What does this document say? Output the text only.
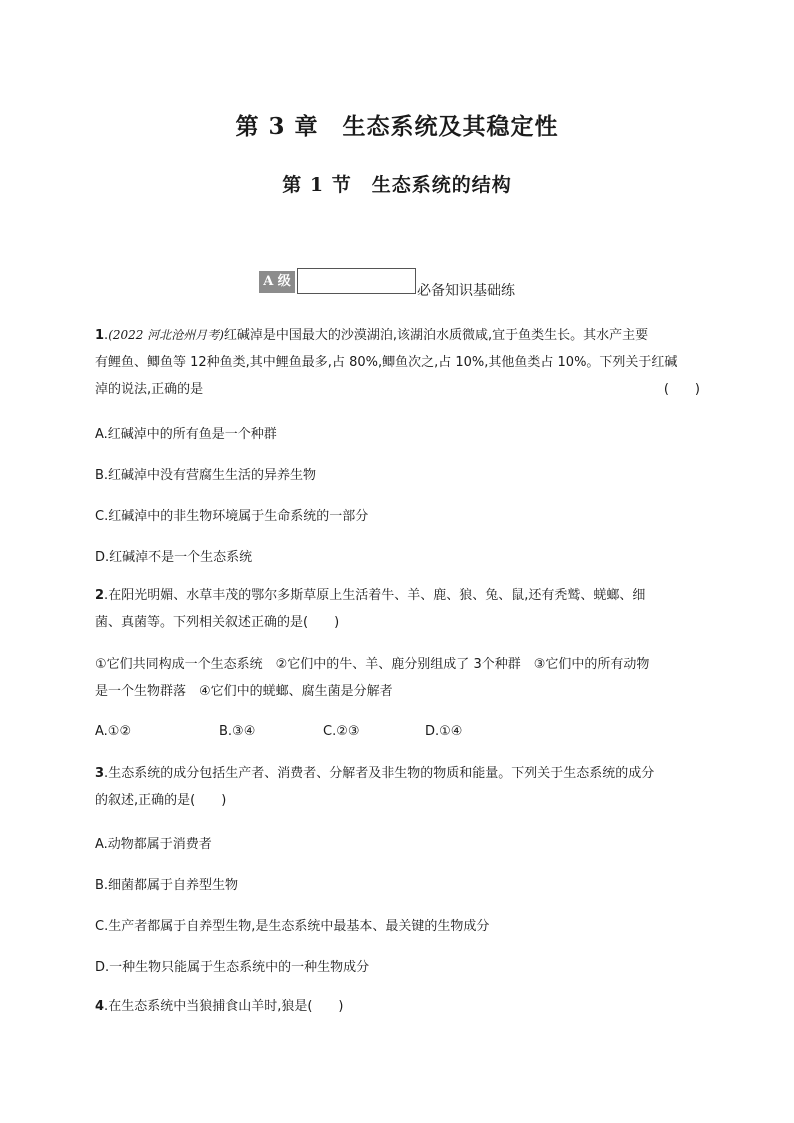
第 3 章　生态系统及其稳定性
第 1 节　生态系统的结构
A 级
必备知识基础练
1.(2022 河北沧州月考)红碱淖是中国最大的沙漠湖泊,该湖泊水质微咸,宜于鱼类生长。其水产主要
有鲤鱼、鲫鱼等 12种鱼类,其中鲤鱼最多,占 80%,鲫鱼次之,占 10%,其他鱼类占 10%。下列关于红碱
淖的说法,正确的是	(　　)
A.红碱淖中的所有鱼是一个种群
B.红碱淖中没有营腐生生活的异养生物
C.红碱淖中的非生物环境属于生命系统的一部分
D.红碱淖不是一个生态系统
2.在阳光明媚、水草丰茂的鄂尔多斯草原上生活着牛、羊、鹿、狼、兔、鼠,还有秃鹫、蜣螂、细
菌、真菌等。下列相关叙述正确的是(　　)
①它们共同构成一个生态系统　②它们中的牛、羊、鹿分别组成了 3个种群　③它们中的所有动物
是一个生物群落　④它们中的蜣螂、腐生菌是分解者
A.①②	B.③④	C.②③	D.①④
3.生态系统的成分包括生产者、消费者、分解者及非生物的物质和能量。下列关于生态系统的成分
的叙述,正确的是(　　)
A.动物都属于消费者
B.细菌都属于自养型生物
C.生产者都属于自养型生物,是生态系统中最基本、最关键的生物成分
D.一种生物只能属于生态系统中的一种生物成分
4.在生态系统中当狼捕食山羊时,狼是(　　)
